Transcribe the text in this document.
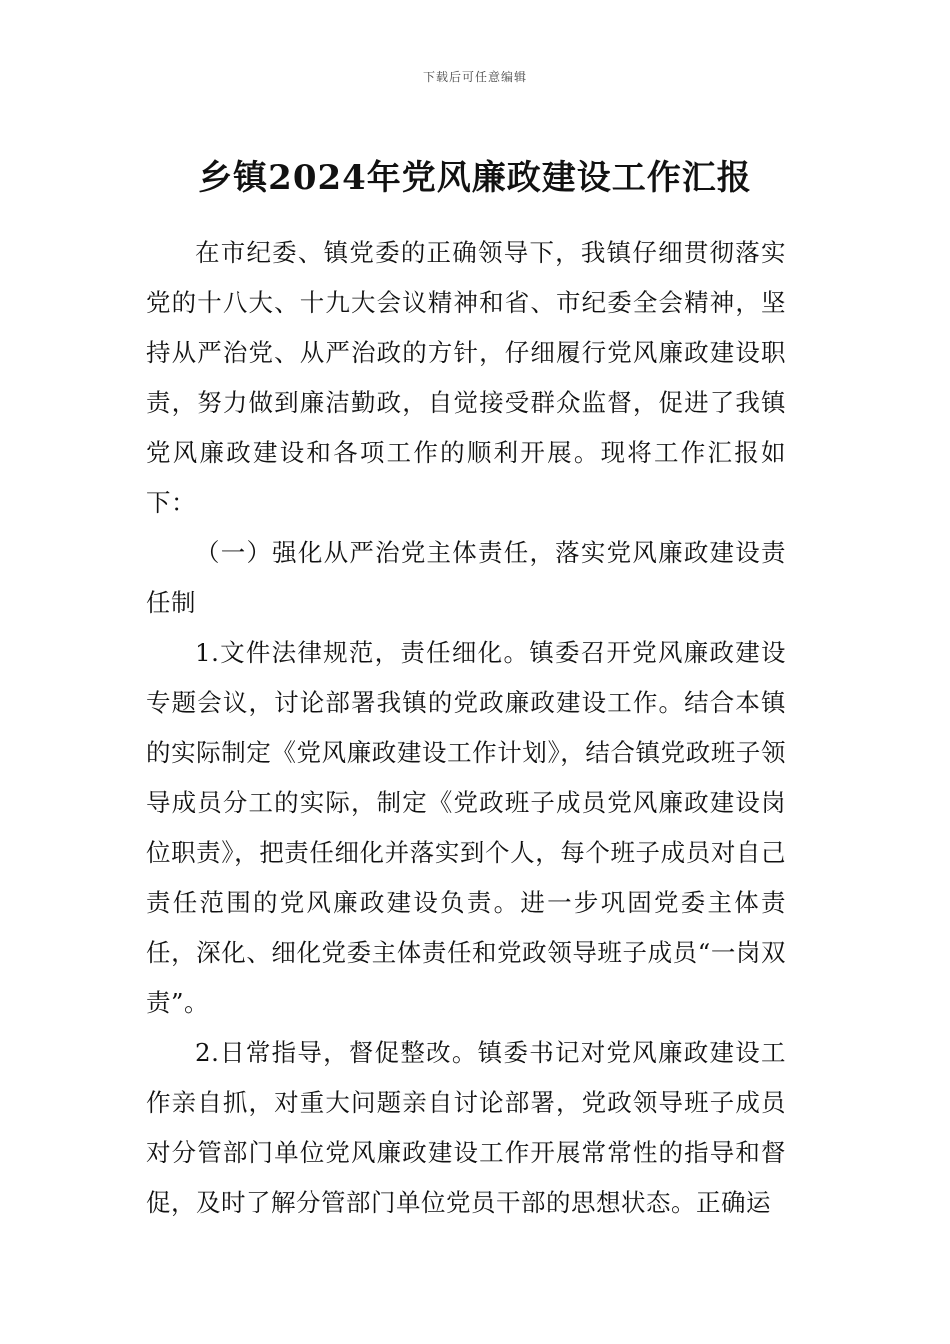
下载后可任意编辑
乡镇2024年党风廉政建设工作汇报

在市纪委、镇党委的正确领导下，我镇仔细贯彻落实党的十八大、十九大会议精神和省、市纪委全会精神，坚持从严治党、从严治政的方针，仔细履行党风廉政建设职责，努力做到廉洁勤政，自觉接受群众监督，促进了我镇党风廉政建设和各项工作的顺利开展。现将工作汇报如下：

（一）强化从严治党主体责任，落实党风廉政建设责任制

1.文件法律规范，责任细化。镇委召开党风廉政建设专题会议，讨论部署我镇的党政廉政建设工作。结合本镇的实际制定《党风廉政建设工作计划》，结合镇党政班子领导成员分工的实际，制定《党政班子成员党风廉政建设岗位职责》，把责任细化并落实到个人，每个班子成员对自己责任范围的党风廉政建设负责。进一步巩固党委主体责任，深化、细化党委主体责任和党政领导班子成员“一岗双责”。

2.日常指导，督促整改。镇委书记对党风廉政建设工作亲自抓，对重大问题亲自讨论部署，党政领导班子成员对分管部门单位党风廉政建设工作开展常常性的指导和督促，及时了解分管部门单位党员干部的思想状态。正确运
